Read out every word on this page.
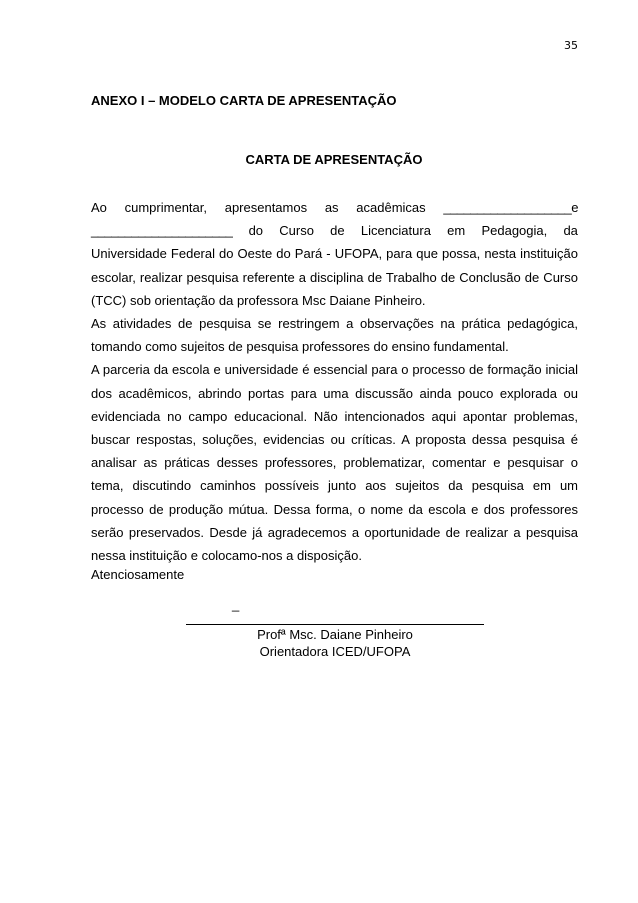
35
ANEXO I – MODELO CARTA DE APRESENTAÇÃO
CARTA DE APRESENTAÇÃO
Ao cumprimentar, apresentamos as acadêmicas ___________________e
_____________________ do Curso de Licenciatura em Pedagogia, da

Universidade Federal do Oeste do Pará - UFOPA, para que possa, nesta instituição escolar, realizar pesquisa referente a disciplina de Trabalho de Conclusão de Curso (TCC) sob orientação da professora Msc Daiane Pinheiro.

As atividades de pesquisa se restringem a observações na prática pedagógica, tomando como sujeitos de pesquisa professores do ensino fundamental.

A parceria da escola e universidade é essencial para o processo de formação inicial dos acadêmicos, abrindo portas para uma discussão ainda pouco explorada ou evidenciada no campo educacional. Não intencionados aqui apontar problemas, buscar respostas, soluções, evidencias ou críticas. A proposta dessa pesquisa é analisar as práticas desses professores, problematizar, comentar e pesquisar o tema, discutindo caminhos possíveis junto aos sujeitos da pesquisa em um processo de produção mútua. Dessa forma, o nome da escola e dos professores serão preservados. Desde já agradecemos a oportunidade de realizar a pesquisa nessa instituição e colocamo-nos a disposição.

Atenciosamente

_
Profª Msc. Daiane Pinheiro
Orientadora ICED/UFOPA
